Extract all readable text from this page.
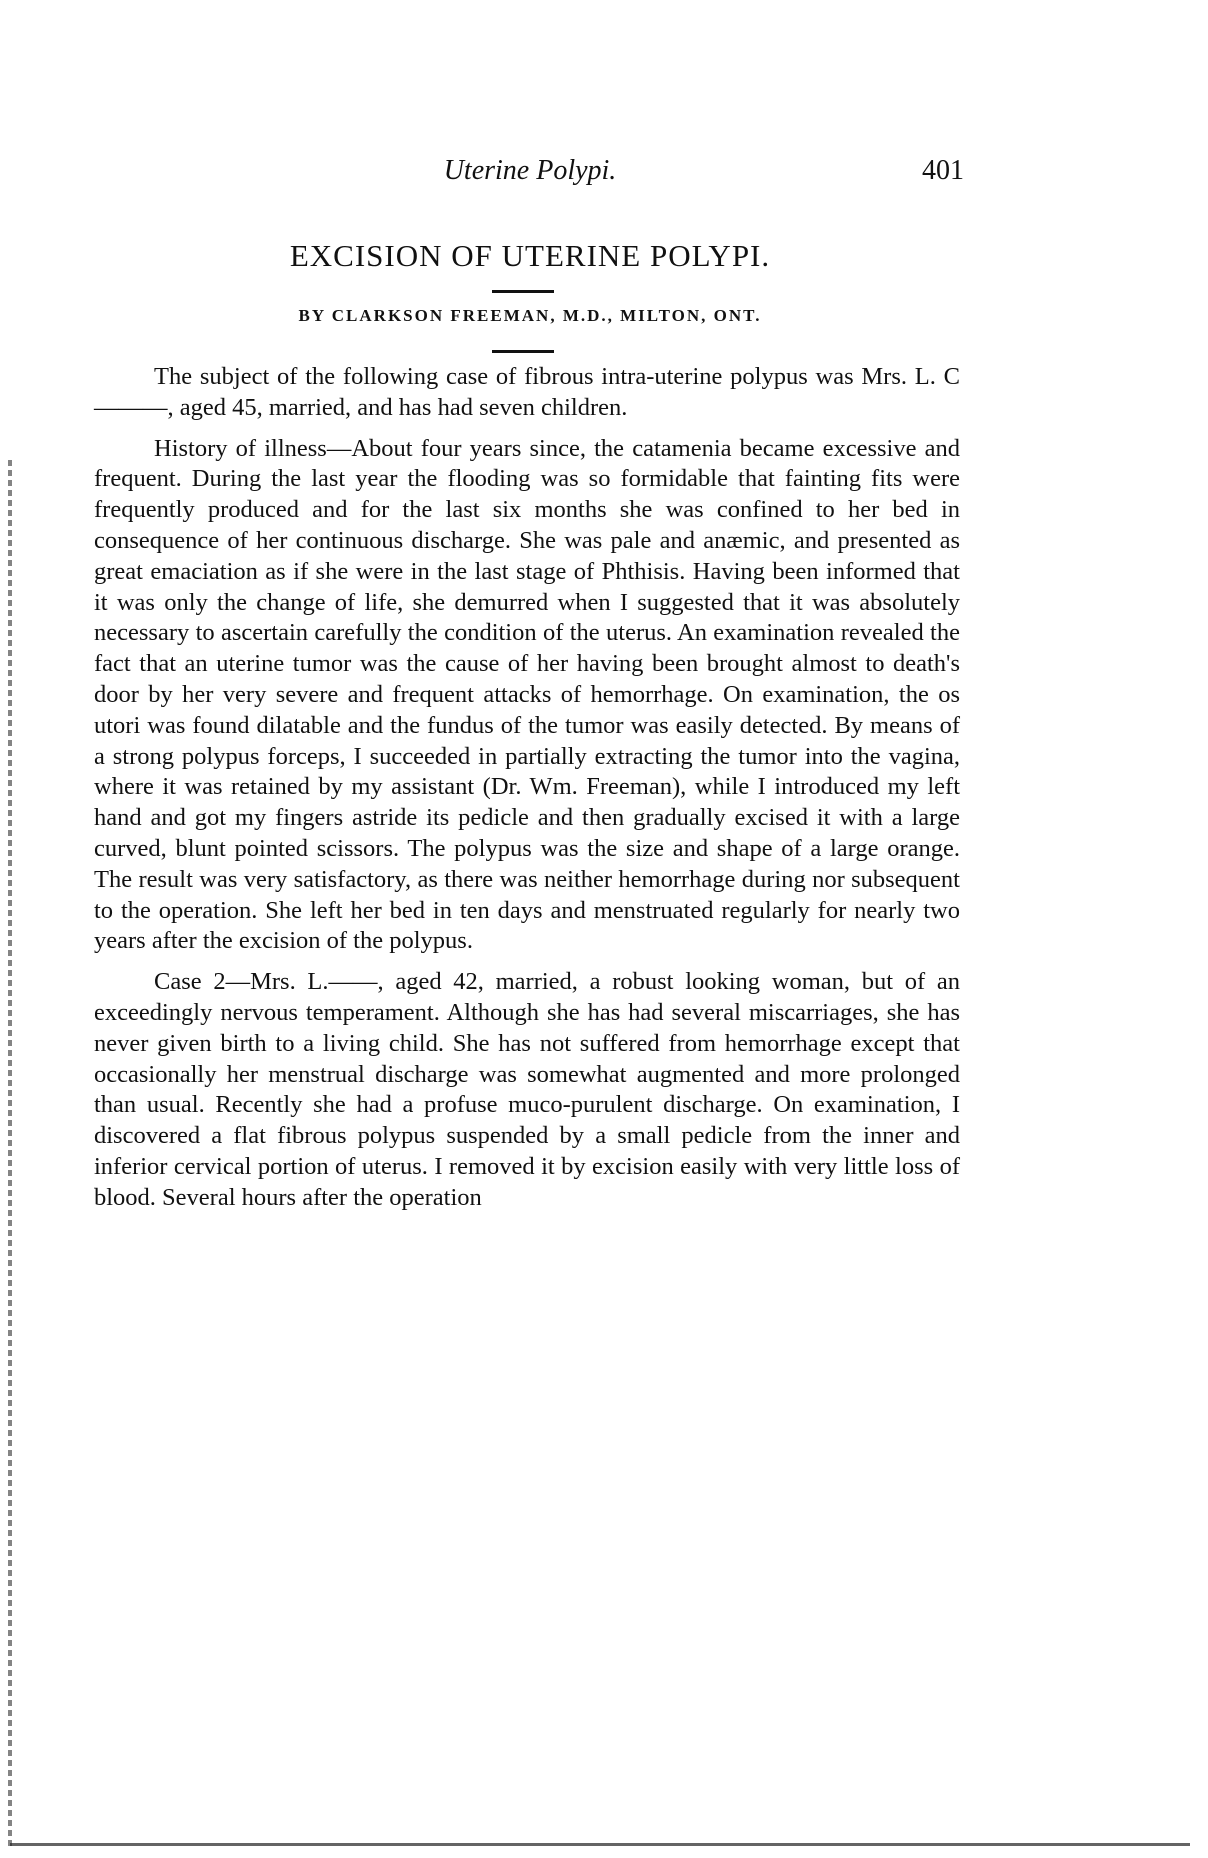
Uterine Polypi.	401
EXCISION OF UTERINE POLYPI.
BY CLARKSON FREEMAN, M.D., MILTON, ONT.

The subject of the following case of fibrous intra-uterine polypus was Mrs. L. C———, aged 45, married, and has had seven children.

History of illness—About four years since, the catamenia became excessive and frequent. During the last year the flooding was so formidable that fainting fits were frequently produced and for the last six months she was confined to her bed in consequence of her continuous discharge. She was pale and anæmic, and presented as great emaciation as if she were in the last stage of Phthisis. Having been informed that it was only the change of life, she demurred when I suggested that it was absolutely necessary to ascertain carefully the condition of the uterus. An examination revealed the fact that an uterine tumor was the cause of her having been brought almost to death's door by her very severe and frequent attacks of hemorrhage. On examination, the os utori was found dilatable and the fundus of the tumor was easily detected. By means of a strong polypus forceps, I succeeded in partially extracting the tumor into the vagina, where it was retained by my assistant (Dr. Wm. Freeman), while I introduced my left hand and got my fingers astride its pedicle and then gradually excised it with a large curved, blunt pointed scissors. The polypus was the size and shape of a large orange. The result was very satisfactory, as there was neither hemorrhage during nor subsequent to the operation. She left her bed in ten days and menstruated regularly for nearly two years after the excision of the polypus.

Case 2—Mrs. L.——, aged 42, married, a robust looking woman, but of an exceedingly nervous temperament. Although she has had several miscarriages, she has never given birth to a living child. She has not suffered from hemorrhage except that occasionally her menstrual discharge was somewhat augmented and more prolonged than usual. Recently she had a profuse muco-purulent discharge. On examination, I discovered a flat fibrous polypus suspended by a small pedicle from the inner and inferior cervical portion of uterus. I removed it by excision easily with very little loss of blood. Several hours after the operation
